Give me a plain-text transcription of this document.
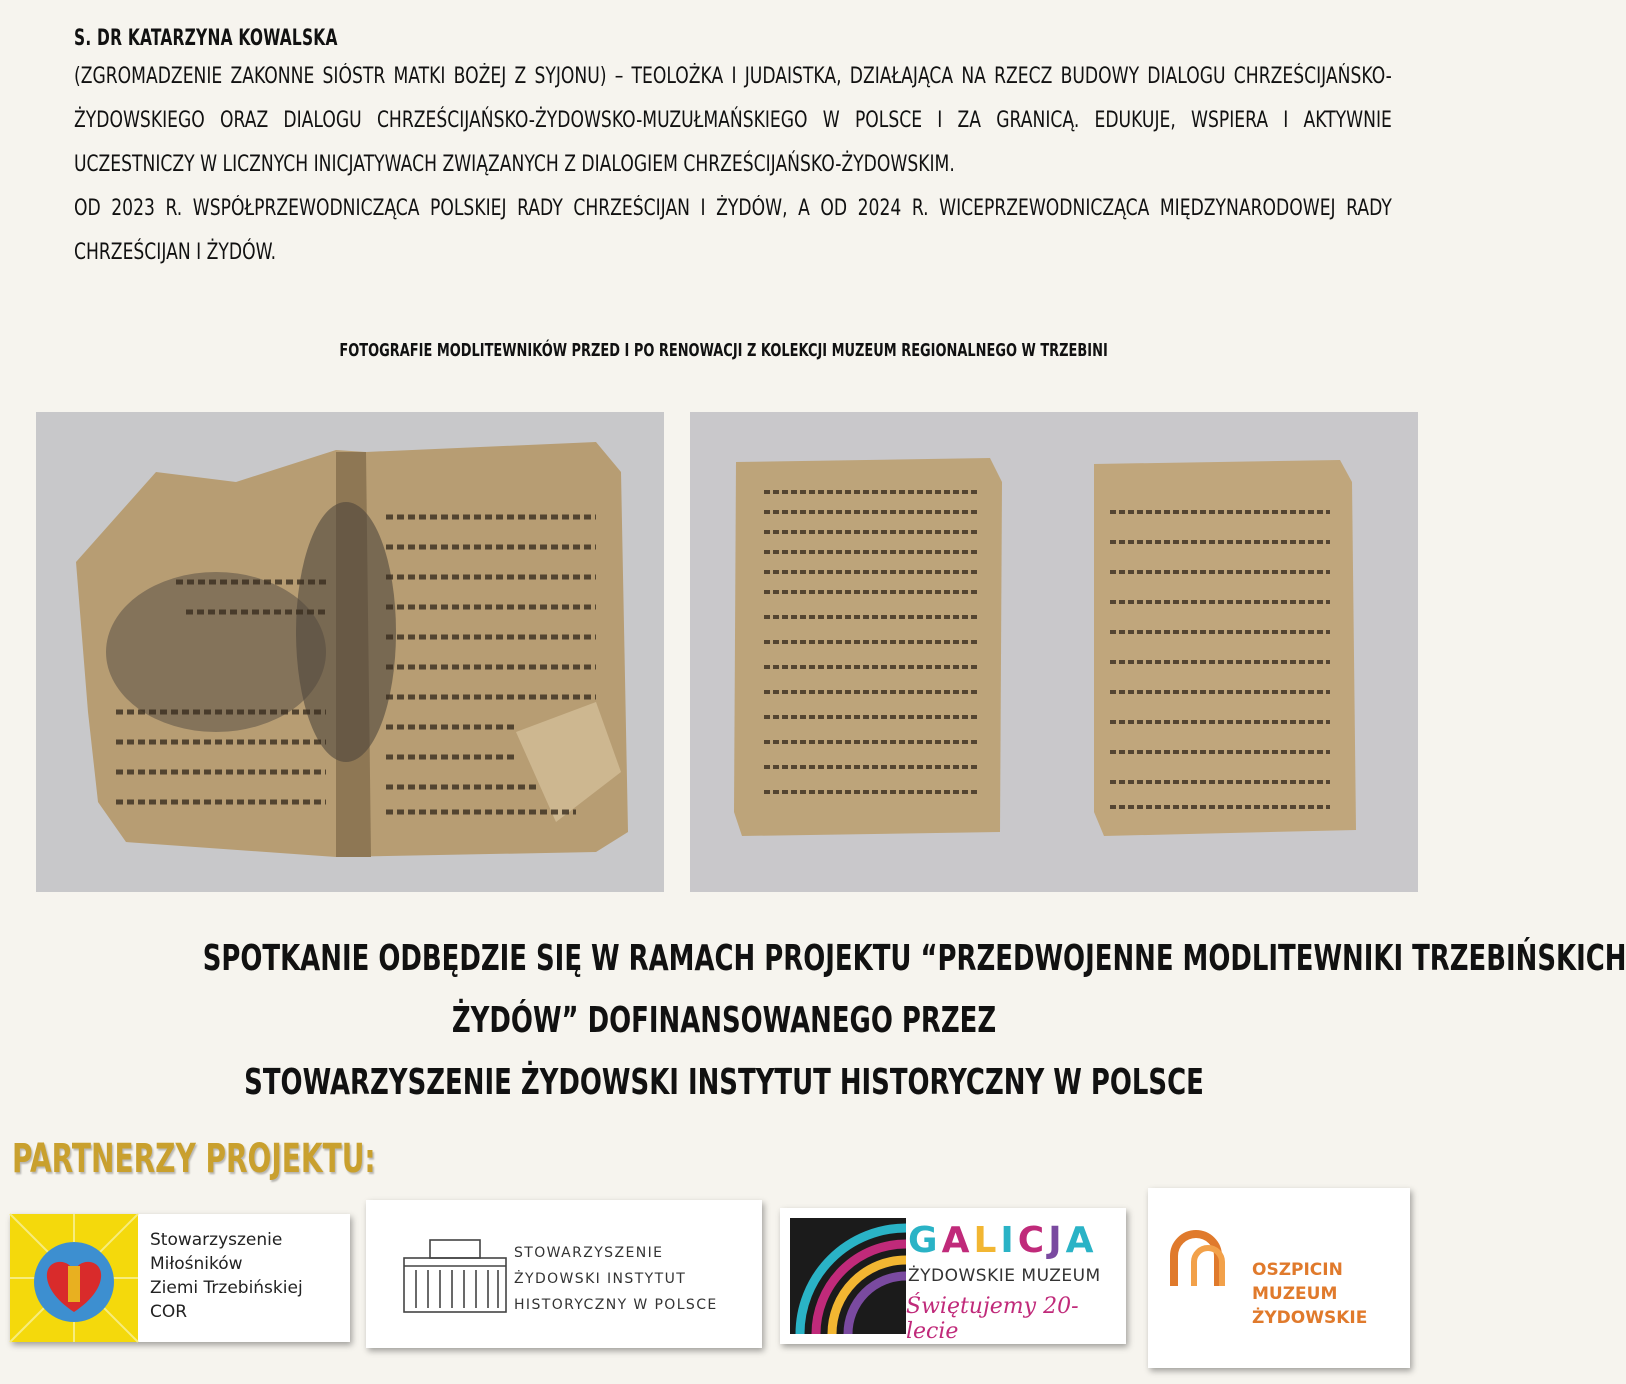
S. DR KATARZYNA KOWALSKA

(ZGROMADZENIE ZAKONNE SIÓSTR MATKI BOŻEJ Z SYJONU) – TEOLOŻKA I JUDAISTKA, DZIAŁAJĄCA NA RZECZ BUDOWY DIALOGU CHRZEŚCIJAŃSKO-ŻYDOWSKIEGO ORAZ DIALOGU CHRZEŚCIJAŃSKO-ŻYDOWSKO-MUZUŁMAŃSKIEGO W POLSCE I ZA GRANICĄ. EDUKUJE, WSPIERA I AKTYWNIE UCZESTNICZY W LICZNYCH INICJATYWACH ZWIĄZANYCH Z DIALOGIEM CHRZEŚCIJAŃSKO-ŻYDOWSKIM.

OD 2023 R. WSPÓŁPRZEWODNICZĄCA POLSKIEJ RADY CHRZEŚCIJAN I ŻYDÓW, A OD 2024 R. WICEPRZEWODNICZĄCA MIĘDZYNARODOWEJ RADY CHRZEŚCIJAN I ŻYDÓW.

FOTOGRAFIE MODLITEWNIKÓW PRZED I PO RENOWACJI Z KOLEKCJI MUZEUM REGIONALNEGO W TRZEBINI
SPOTKANIE ODBĘDZIE SIĘ W RAMACH PROJEKTU “PRZEDWOJENNE MODLITEWNIKI TRZEBIŃSKICH
ŻYDÓW” DOFINANSOWANEGO PRZEZ
STOWARZYSZENIE ŻYDOWSKI INSTYTUT HISTORYCZNY W POLSCE
PARTNERZY PROJEKTU:
Stowarzyszenie
Miłośników
Ziemi Trzebińskiej
COR
STOWARZYSZENIE
ŻYDOWSKI INSTYTUT
HISTORYCZNY W POLSCE
GALICJA
ŻYDOWSKIE MUZEUM
Świętujemy 20-lecie
OSZPICIN
MUZEUM
ŻYDOWSKIE
